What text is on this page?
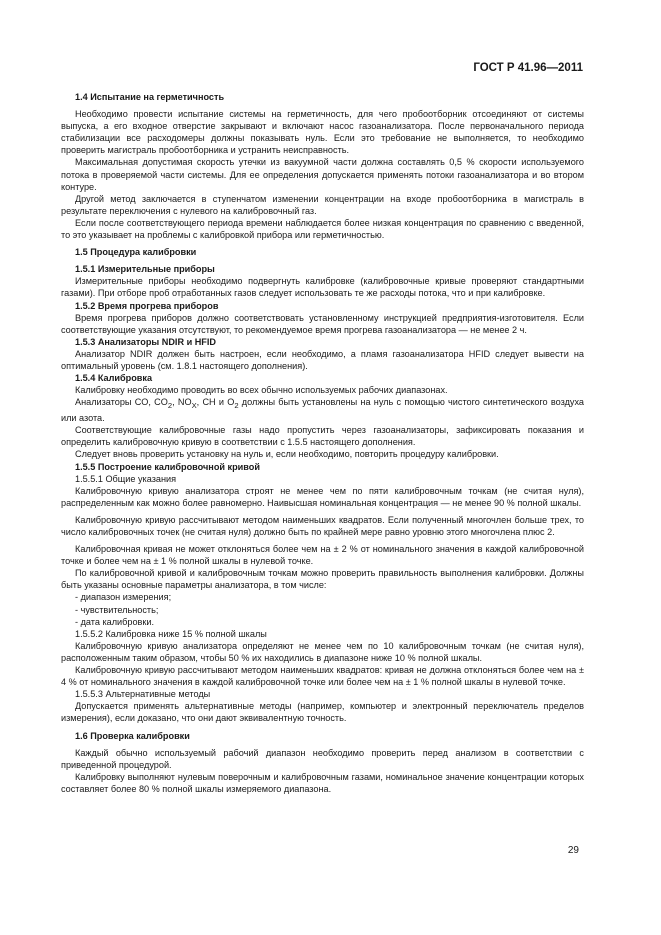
ГОСТ Р 41.96—2011

1.4 Испытание на герметичность

Необходимо провести испытание системы на герметичность, для чего пробоотборник отсоединяют от системы выпуска, а его входное отверстие закрывают и включают насос газоанализатора. После первоначального периода стабилизации все расходомеры должны показывать нуль. Если это требование не выполняется, то необходимо проверить магистраль пробоотборника и устранить неисправность.

Максимальная допустимая скорость утечки из вакуумной части должна составлять 0,5 % скорости используемого потока в проверяемой части системы. Для ее определения допускается применять потоки газоанализатора и во втором контуре.

Другой метод заключается в ступенчатом изменении концентрации на входе пробоотборника в магистраль в результате переключения с нулевого на калибровочный газ.

Если после соответствующего периода времени наблюдается более низкая концентрация по сравнению с введенной, то это указывает на проблемы с калибровкой прибора или герметичностью.

1.5 Процедура калибровки

1.5.1 Измерительные приборы

Измерительные приборы необходимо подвергнуть калибровке (калибровочные кривые проверяют стандартными газами). При отборе проб отработанных газов следует использовать те же расходы потока, что и при калибровке.

1.5.2 Время прогрева приборов

Время прогрева приборов должно соответствовать установленному инструкцией предприятия-изготовителя. Если соответствующие указания отсутствуют, то рекомендуемое время прогрева газоанализатора — не менее 2 ч.

1.5.3 Анализаторы NDIR и HFID

Анализатор NDIR должен быть настроен, если необходимо, а пламя газоанализатора HFID следует вывести на оптимальный уровень (см. 1.8.1 настоящего дополнения).

1.5.4 Калибровка

Калибровку необходимо проводить во всех обычно используемых рабочих диапазонах.

Анализаторы CO, $CO_2$, $NO_X$, CH и $O_2$ должны быть установлены на нуль с помощью чистого синтетического воздуха или азота.

Соответствующие калибровочные газы надо пропустить через газоанализаторы, зафиксировать показания и определить калибровочную кривую в соответствии с 1.5.5 настоящего дополнения.

Следует вновь проверить установку на нуль и, если необходимо, повторить процедуру калибровки.

1.5.5 Построение калибровочной кривой

1.5.5.1 Общие указания

Калибровочную кривую анализатора строят не менее чем по пяти калибровочным точкам (не считая нуля), распределенным как можно более равномерно. Наивысшая номинальная концентрация — не менее 90 % полной шкалы.

Калибровочную кривую рассчитывают методом наименьших квадратов. Если полученный многочлен больше трех, то число калибровочных точек (не считая нуля) должно быть по крайней мере равно уровню этого многочлена плюс 2.

Калибровочная кривая не может отклоняться более чем на ± 2 % от номинального значения в каждой калибровочной точке и более чем на ± 1 % полной шкалы в нулевой точке.

По калибровочной кривой и калибровочным точкам можно проверить правильность выполнения калибровки. Должны быть указаны основные параметры анализатора, в том числе:

- диапазон измерения;

- чувствительность;

- дата калибровки.

1.5.5.2 Калибровка ниже 15 % полной шкалы

Калибровочную кривую анализатора определяют не менее чем по 10 калибровочным точкам (не считая нуля), расположенным таким образом, чтобы 50 % их находились в диапазоне ниже 10 % полной шкалы.

Калибровочную кривую рассчитывают методом наименьших квадратов: кривая не должна отклоняться более чем на ± 4 % от номинального значения в каждой калибровочной точке или более чем на ± 1 % полной шкалы в нулевой точке.

1.5.5.3 Альтернативные методы

Допускается применять альтернативные методы (например, компьютер и электронный переключатель пределов измерения), если доказано, что они дают эквивалентную точность.

1.6 Проверка калибровки

Каждый обычно используемый рабочий диапазон необходимо проверить перед анализом в соответствии с приведенной процедурой.

Калибровку выполняют нулевым поверочным и калибровочным газами, номинальное значение концентрации которых составляет более 80 % полной шкалы измеряемого диапазона.

29
